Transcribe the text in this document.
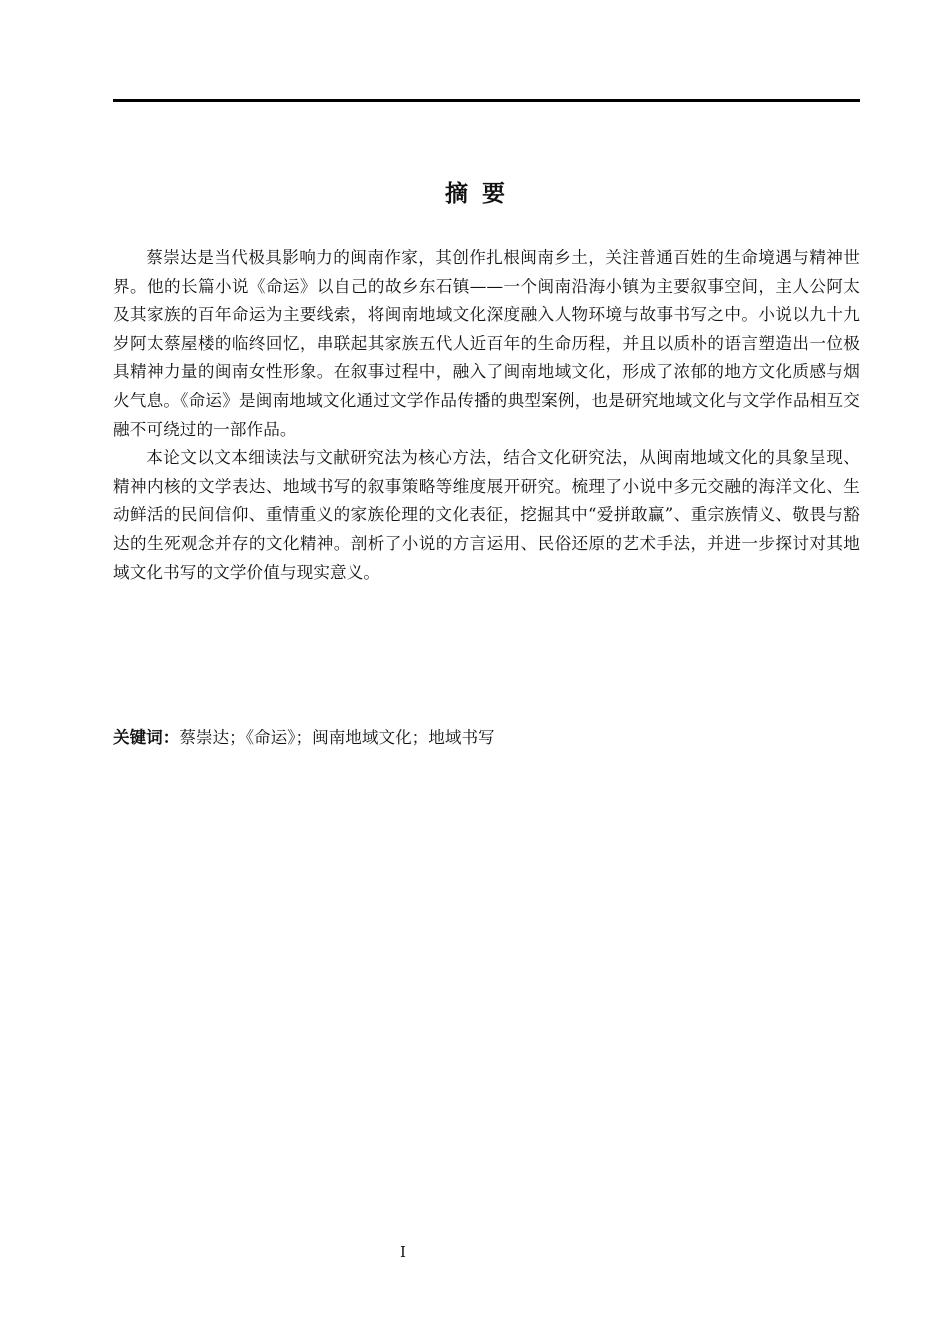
摘要

蔡崇达是当代极具影响力的闽南作家，其创作扎根闽南乡土，关注普通百姓的生命境遇与精神世界。他的长篇小说《命运》以自己的故乡东石镇——一个闽南沿海小镇为主要叙事空间，主人公阿太及其家族的百年命运为主要线索，将闽南地域文化深度融入人物环境与故事书写之中。小说以九十九岁阿太蔡屋楼的临终回忆，串联起其家族五代人近百年的生命历程，并且以质朴的语言塑造出一位极具精神力量的闽南女性形象。在叙事过程中，融入了闽南地域文化，形成了浓郁的地方文化质感与烟火气息。《命运》是闽南地域文化通过文学作品传播的典型案例，也是研究地域文化与文学作品相互交融不可绕过的一部作品。

本论文以文本细读法与文献研究法为核心方法，结合文化研究法，从闽南地域文化的具象呈现、精神内核的文学表达、地域书写的叙事策略等维度展开研究。梳理了小说中多元交融的海洋文化、生动鲜活的民间信仰、重情重义的家族伦理的文化表征，挖掘其中“爱拼敢赢”、重宗族情义、敬畏与豁达的生死观念并存的文化精神。剖析了小说的方言运用、民俗还原的艺术手法，并进一步探讨对其地域文化书写的文学价值与现实意义。

关键词：蔡崇达；《命运》；闽南地域文化；地域书写
I
